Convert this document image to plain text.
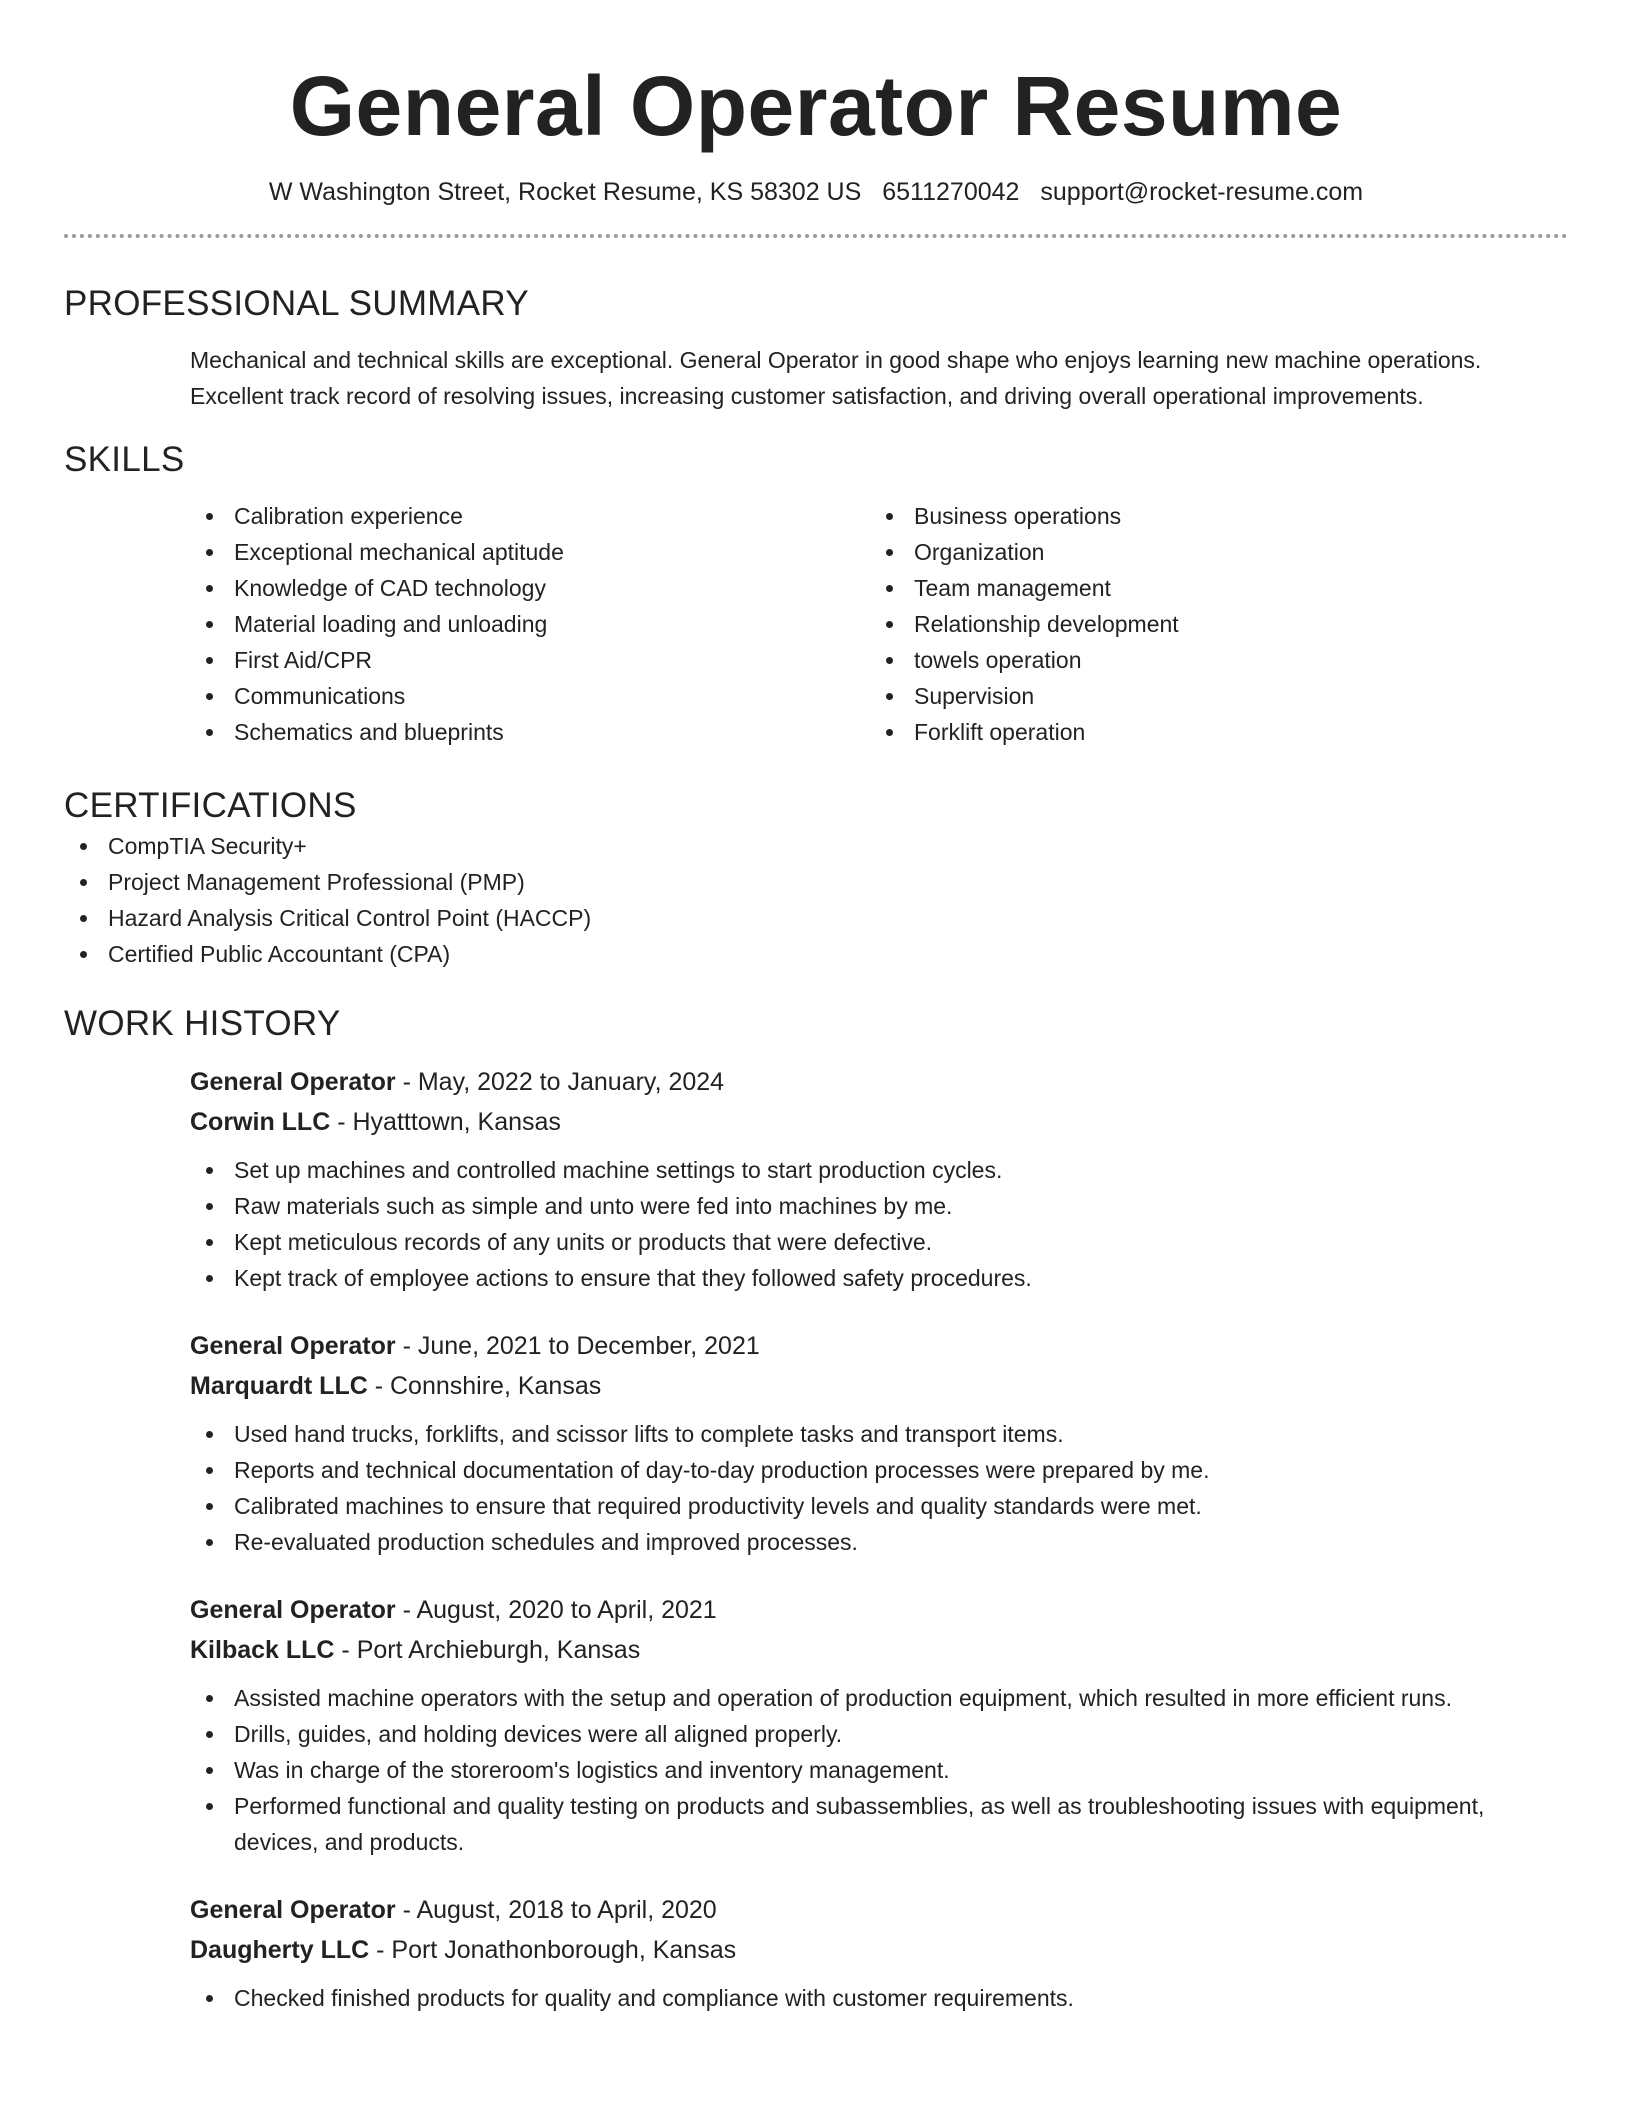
General Operator Resume
W Washington Street, Rocket Resume, KS 58302 US 6511270042 support@rocket-resume.com
PROFESSIONAL SUMMARY

Mechanical and technical skills are exceptional. General Operator in good shape who enjoys learning new machine operations. Excellent track record of resolving issues, increasing customer satisfaction, and driving overall operational improvements.

SKILLS
Calibration experience
Exceptional mechanical aptitude
Knowledge of CAD technology
Material loading and unloading
First Aid/CPR
Communications
Schematics and blueprints
Business operations
Organization
Team management
Relationship development
towels operation
Supervision
Forklift operation
CERTIFICATIONS
CompTIA Security+
Project Management Professional (PMP)
Hazard Analysis Critical Control Point (HACCP)
Certified Public Accountant (CPA)
WORK HISTORY
General Operator - May, 2022 to January, 2024
Corwin LLC - Hyatttown, Kansas
Set up machines and controlled machine settings to start production cycles.
Raw materials such as simple and unto were fed into machines by me.
Kept meticulous records of any units or products that were defective.
Kept track of employee actions to ensure that they followed safety procedures.
General Operator - June, 2021 to December, 2021
Marquardt LLC - Connshire, Kansas
Used hand trucks, forklifts, and scissor lifts to complete tasks and transport items.
Reports and technical documentation of day-to-day production processes were prepared by me.
Calibrated machines to ensure that required productivity levels and quality standards were met.
Re-evaluated production schedules and improved processes.
General Operator - August, 2020 to April, 2021
Kilback LLC - Port Archieburgh, Kansas
Assisted machine operators with the setup and operation of production equipment, which resulted in more efficient runs.
Drills, guides, and holding devices were all aligned properly.
Was in charge of the storeroom's logistics and inventory management.
Performed functional and quality testing on products and subassemblies, as well as troubleshooting issues with equipment, devices, and products.
General Operator - August, 2018 to April, 2020
Daugherty LLC - Port Jonathonborough, Kansas
Checked finished products for quality and compliance with customer requirements.
